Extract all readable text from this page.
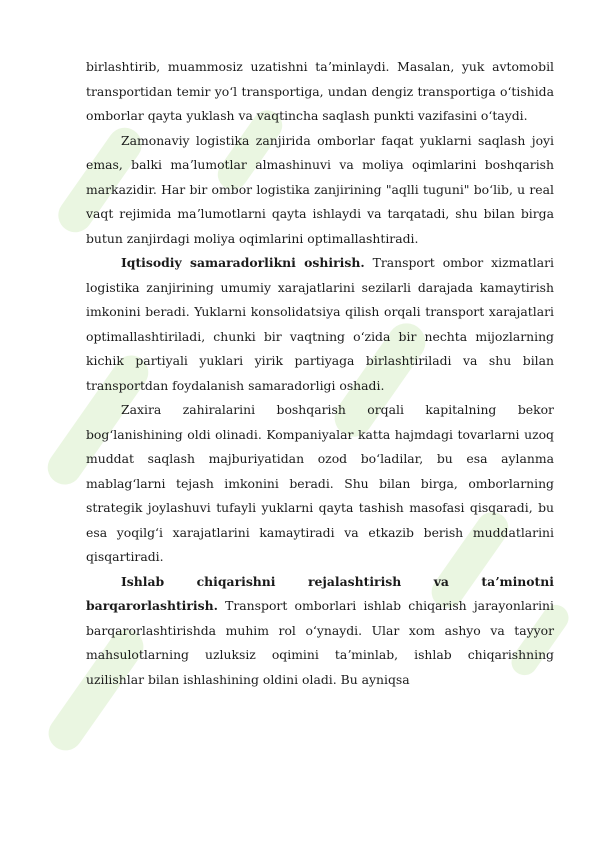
birlashtirib, muammosiz uzatishni taʼminlaydi. Masalan, yuk avtomobil transportidan temir yoʻl transportiga, undan dengiz transportiga oʻtishida omborlar qayta yuklash va vaqtincha saqlash punkti vazifasini oʻtaydi.

Zamonaviy logistika zanjirida omborlar faqat yuklarni saqlash joyi emas, balki maʼlumotlar almashinuvi va moliya oqimlarini boshqarish markazidir. Har bir ombor logistika zanjirining "aqlli tuguni" boʻlib, u real vaqt rejimida maʼlumotlarni qayta ishlaydi va tarqatadi, shu bilan birga butun zanjirdagi moliya oqimlarini optimallashtiradi.

Iqtisodiy samaradorlikni oshirish. Transport ombor xizmatlari logistika zanjirining umumiy xarajatlarini sezilarli darajada kamaytirish imkonini beradi. Yuklarni konsolidatsiya qilish orqali transport xarajatlari optimallashtiriladi, chunki bir vaqtning oʻzida bir nechta mijozlarning kichik partiyali yuklari yirik partiyaga birlashtiriladi va shu bilan transportdan foydalanish samaradorligi oshadi.

Zaxira zahiralarini boshqarish orqali kapitalning bekor bogʻlanishining oldi olinadi. Kompaniyalar katta hajmdagi tovarlarni uzoq muddat saqlash majburiyatidan ozod boʻladilar, bu esa aylanma mablagʻlarni tejash imkonini beradi. Shu bilan birga, omborlarning strategik joylashuvi tufayli yuklarni qayta tashish masofasi qisqaradi, bu esa yoqilgʻi xarajatlarini kamaytiradi va etkazib berish muddatlarini qisqartiradi.

Ishlab chiqarishni rejalashtirish va taʼminotni barqarorlashtirish. Transport omborlari ishlab chiqarish jarayonlarini barqarorlashtirishda muhim rol oʻynaydi. Ular xom ashyo va tayyor mahsulotlarning uzluksiz oqimini taʼminlab, ishlab chiqarishning uzilishlar bilan ishlashining oldini oladi. Bu ayniqsa
